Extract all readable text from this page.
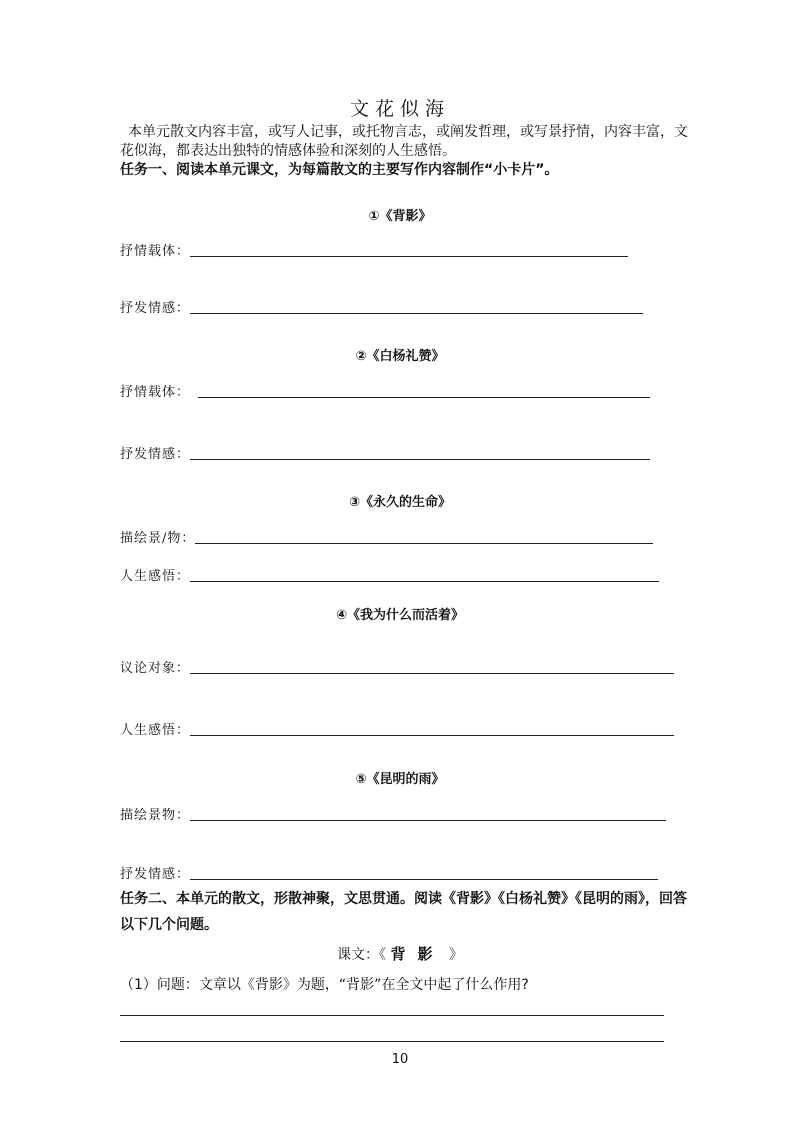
文花似海
本单元散文内容丰富，或写人记事，或托物言志，或阐发哲理，或写景抒情，内容丰富，文花似海，都表达出独特的情感体验和深刻的人生感悟。
任务一、阅读本单元课文，为每篇散文的主要写作内容制作“小卡片”。
①《背影》
抒情载体：
抒发情感：
②《白杨礼赞》
抒情载体：
抒发情感：
③《永久的生命》
描绘景/物：
人生感悟：
④《我为什么而活着》
议论对象：
人生感悟：
⑤《昆明的雨》
描绘景物：
抒发情感：
任务二、本单元的散文，形散神聚，文思贯通。阅读《背影》《白杨礼赞》《昆明的雨》，回答以下几个问题。
课文：《 背影 》
（1）问题：文章以《背影》为题，“背影”在全文中起了什么作用?
10
